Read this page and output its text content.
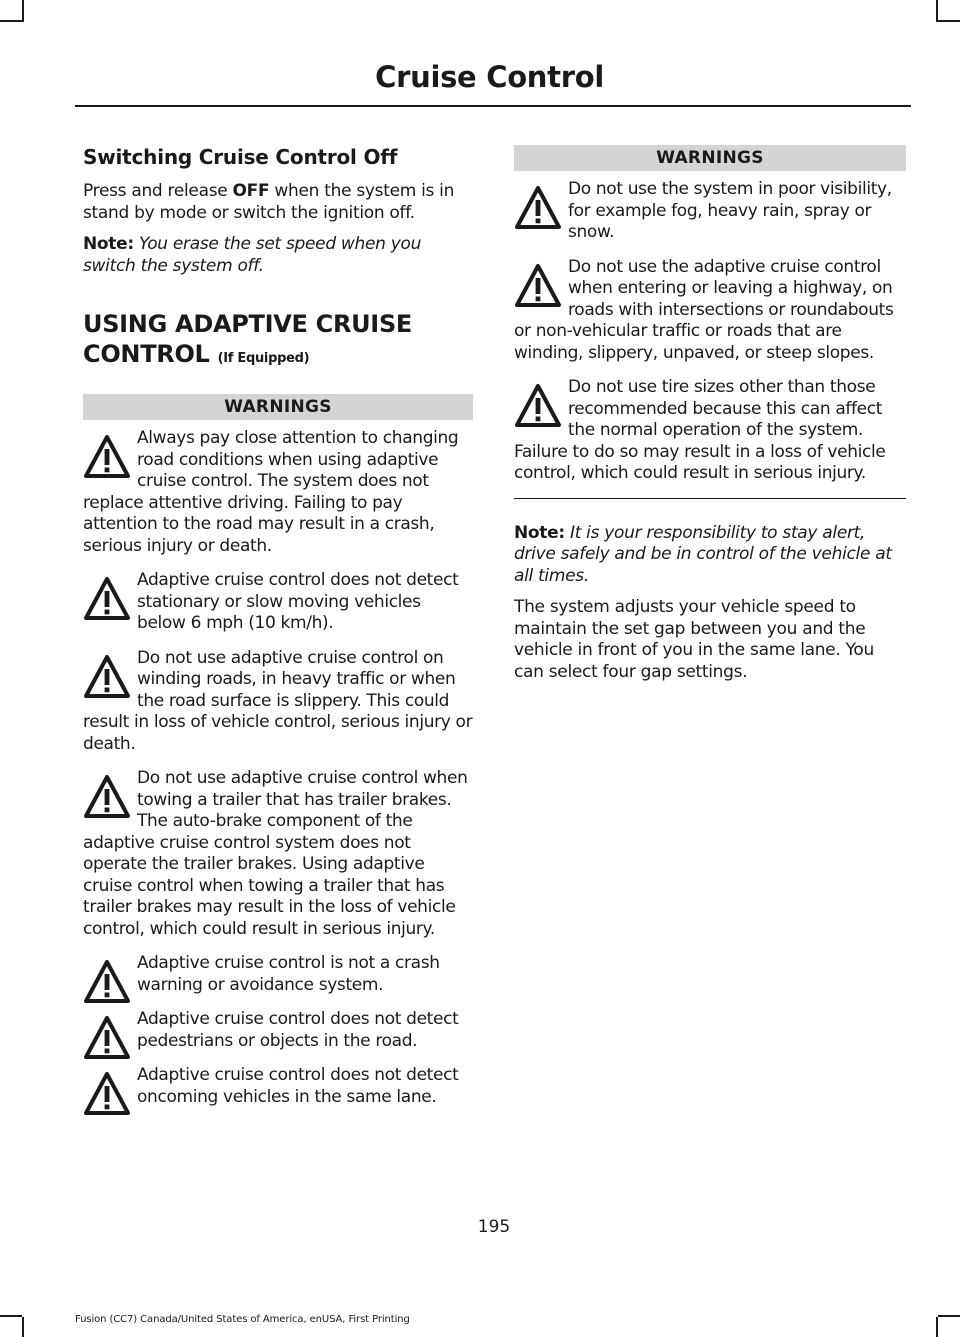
Cruise Control
Switching Cruise Control Off
Press and release OFF when the system is in stand by mode or switch the ignition off.
Note: You erase the set speed when you switch the system off.
USING ADAPTIVE CRUISE CONTROL (If Equipped)
WARNINGS
Always pay close attention to changing road conditions when using adaptive cruise control. The system does not replace attentive driving. Failing to pay attention to the road may result in a crash, serious injury or death.
Adaptive cruise control does not detect stationary or slow moving vehicles below 6 mph (10 km/h).
Do not use adaptive cruise control on winding roads, in heavy traffic or when the road surface is slippery. This could result in loss of vehicle control, serious injury or death.
Do not use adaptive cruise control when towing a trailer that has trailer brakes. The auto-brake component of the adaptive cruise control system does not operate the trailer brakes. Using adaptive cruise control when towing a trailer that has trailer brakes may result in the loss of vehicle control, which could result in serious injury.
Adaptive cruise control is not a crash warning or avoidance system.
Adaptive cruise control does not detect pedestrians or objects in the road.
Adaptive cruise control does not detect oncoming vehicles in the same lane.
WARNINGS
Do not use the system in poor visibility, for example fog, heavy rain, spray or snow.
Do not use the adaptive cruise control when entering or leaving a highway, on roads with intersections or roundabouts or non-vehicular traffic or roads that are winding, slippery, unpaved, or steep slopes.
Do not use tire sizes other than those recommended because this can affect the normal operation of the system. Failure to do so may result in a loss of vehicle control, which could result in serious injury.
Note: It is your responsibility to stay alert, drive safely and be in control of the vehicle at all times.
The system adjusts your vehicle speed to maintain the set gap between you and the vehicle in front of you in the same lane. You can select four gap settings.
195
Fusion (CC7) Canada/United States of America, enUSA, First Printing
